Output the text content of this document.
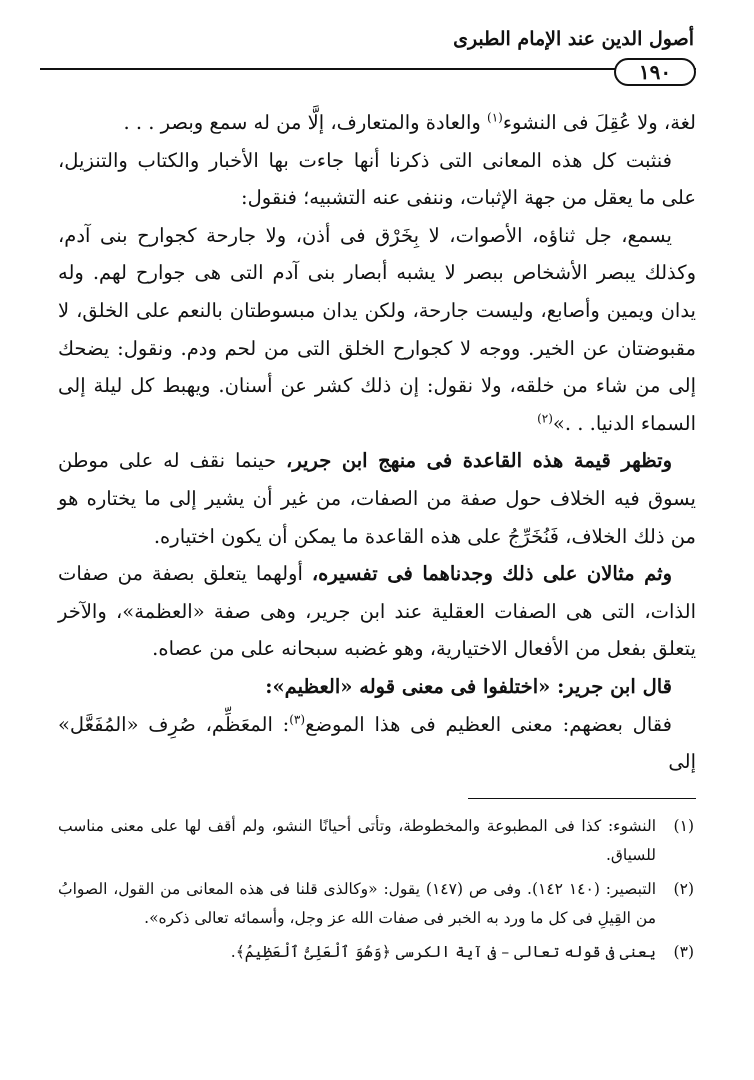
أصول الدين عند الإمام الطبرى
١٩٠

لغة، ولا عُقِلَ فى النشوء$^{(١)}$ والعادة والمتعارف، إلَّا من له سمع وبصر . . .

فنثبت كل هذه المعانى التى ذكرنا أنها جاءت بها الأخبار والكتاب والتنزيل، على ما يعقل من جهة الإثبات، وننفى عنه التشبيه؛ فنقول:

يسمع، جل ثناؤه، الأصوات، لا بِخَرْق فى أذن، ولا جارحة كجوارح بنى آدم، وكذلك يبصر الأشخاص ببصر لا يشبه أبصار بنى آدم التى هى جوارح لهم. وله يدان ويمين وأصابع، وليست جارحة، ولكن يدان مبسوطتان بالنعم على الخلق، لا مقبوضتان عن الخير. ووجه لا كجوارح الخلق التى من لحم ودم. ونقول: يضحك إلى من شاء من خلقه، ولا نقول: إن ذلك كشر عن أسنان. ويهبط كل ليلة إلى السماء الدنيا. . .»$^{(٢)}$

وتظهر قيمة هذه القاعدة فى منهج ابن جرير، حينما نقف له على موطن يسوق فيه الخلاف حول صفة من الصفات، من غير أن يشير إلى ما يختاره هو من ذلك الخلاف، فَنُخَرِّجُ على هذه القاعدة ما يمكن أن يكون اختياره.

وثم مثالان على ذلك وجدناهما فى تفسيره، أولهما يتعلق بصفة من صفات الذات، التى هى الصفات العقلية عند ابن جرير، وهى صفة «العظمة»، والآخر يتعلق بفعل من الأفعال الاختيارية، وهو غضبه سبحانه على من عصاه.

قال ابن جرير: «اختلفوا فى معنى قوله «العظيم»:

فقال بعضهم: معنى العظيم فى هذا الموضع$^{(٣)}$: المعَظِّم، صُرِف «المُفَعَّل» إلى

(١)
النشوء: كذا فى المطبوعة والمخطوطة، وتأتى أحيانًا النشو، ولم أقف لها على معنى مناسب للسياق.
(٢)
التبصير: (١٤٠ ١٤٢). وفى ص (١٤٧) يقول: «وكالذى قلنا فى هذه المعانى من القول، الصوابُ من القِيلِ فى كل ما ورد به الخبر فى صفات الله عز وجل، وأسمائه تعالى ذكره».
(٣)
يعنى فى قوله تعالى – فى آية الكرسى ﴿وَهُوَ ٱلْعَلِىُّ ٱلْعَظِيمُ﴾.
